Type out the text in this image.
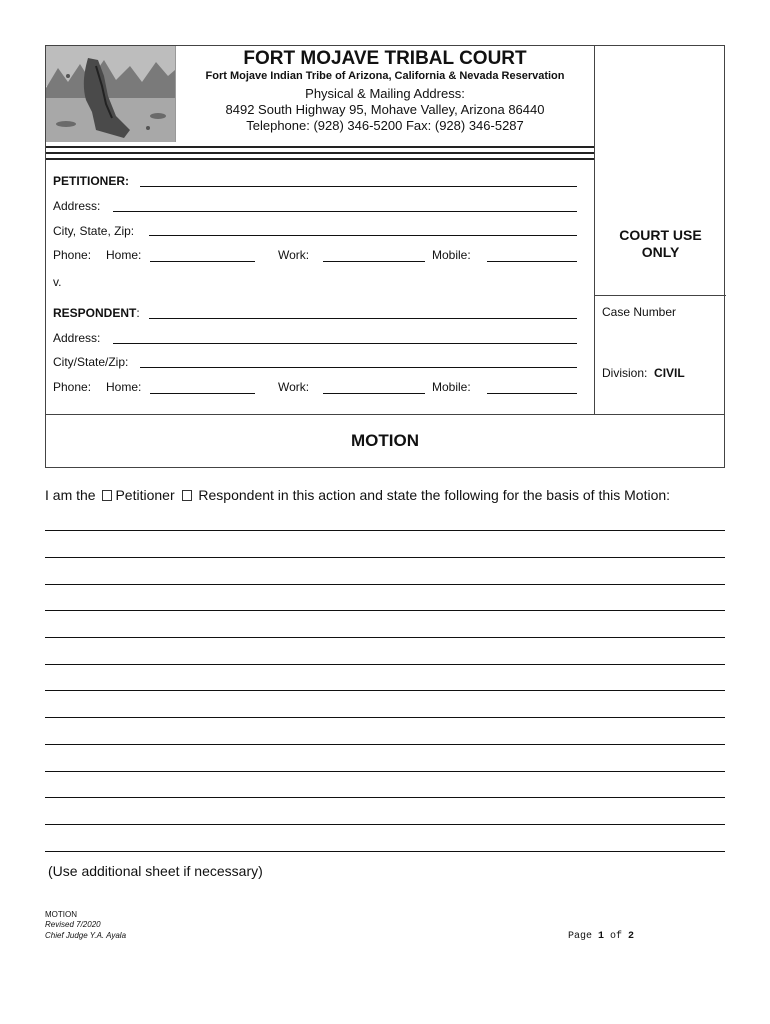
FORT MOJAVE TRIBAL COURT
Fort Mojave Indian Tribe of Arizona, California & Nevada Reservation
Physical & Mailing Address:
8492 South Highway 95, Mohave Valley, Arizona 86440
Telephone: (928) 346-5200 Fax: (928) 346-5287
COURT USE
ONLY
Case Number
Division: CIVIL
PETITIONER:
Address:
City, State, Zip:
Phone: Home:	Work:	Mobile:
v.
RESPONDENT:
Address:
City/State/Zip:
Phone: Home:	Work:	Mobile:
MOTION
I am the Petitioner  Respondent in this action and state the following for the basis of this Motion:
(Use additional sheet if necessary)
MOTION
Revised 7/2020
Chief Judge Y.A. Ayala	Page 1 of 2
